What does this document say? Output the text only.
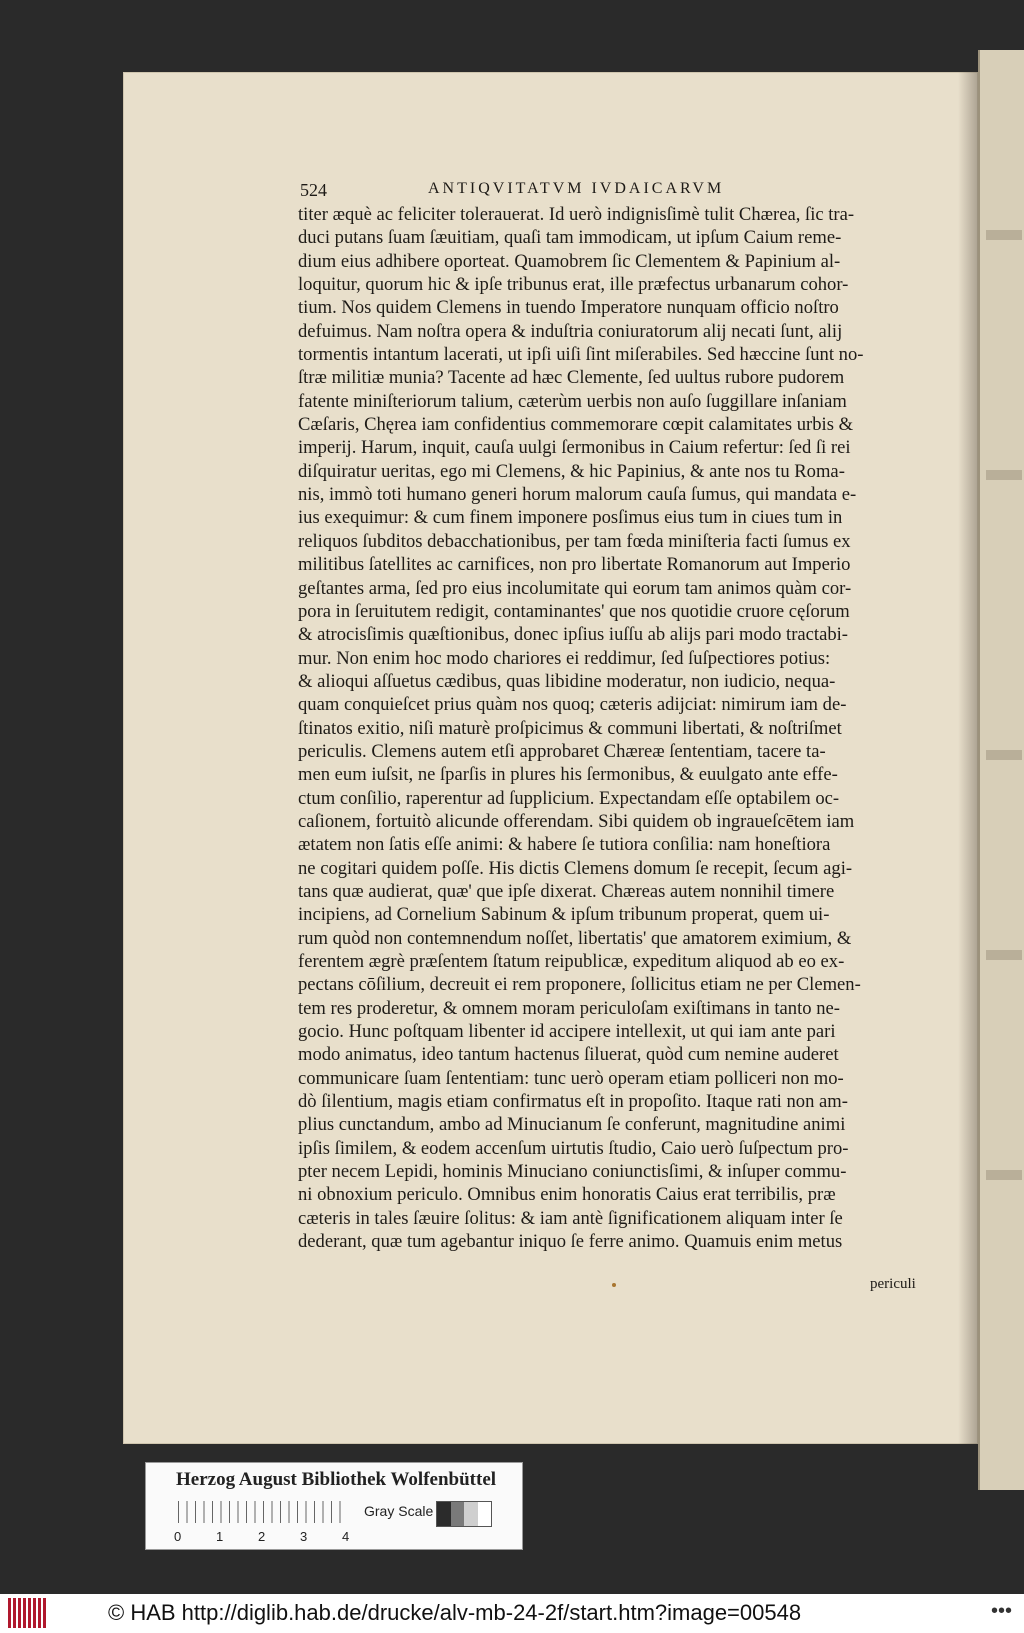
524	ANTIQVITATVM IVDAICARVM
titer æquè ac feliciter tolerauerat. Id uerò indignisſimè tulit Chærea, ſic tra-
duci putans ſuam ſæuitiam, quaſi tam immodicam, ut ipſum Caium reme-
dium eius adhibere oporteat. Quamobrem ſic Clementem & Papinium al-
loquitur, quorum hic & ipſe tribunus erat, ille præfectus urbanarum cohor-
tium. Nos quidem Clemens in tuendo Imperatore nunquam officio noſtro
defuimus. Nam noſtra opera & induſtria coniuratorum alij necati ſunt, alij
tormentis intantum lacerati, ut ipſi uiſi ſint miſerabiles. Sed hæccine ſunt no-
ſtræ militiæ munia? Tacente ad hæc Clemente, ſed uultus rubore pudorem
fatente miniſteriorum talium, cæterùm uerbis non auſo ſuggillare inſaniam
Cæſaris, Chęrea iam confidentius commemorare cœpit calamitates urbis &
imperij. Harum, inquit, cauſa uulgi ſermonibus in Caium refertur: ſed ſi rei
diſquiratur ueritas, ego mi Clemens, & hic Papinius, & ante nos tu Roma-
nis, immò toti humano generi horum malorum cauſa ſumus, qui mandata e-
ius exequimur: & cum finem imponere posſimus eius tum in ciues tum in
reliquos ſubditos debacchationibus, per tam fœda miniſteria facti ſumus ex
militibus ſatellites ac carnifices, non pro libertate Romanorum aut Imperio
geſtantes arma, ſed pro eius incolumitate qui eorum tam animos quàm cor-
pora in ſeruitutem redigit, contaminantes' que nos quotidie cruore cęſorum
& atrocisſimis quæſtionibus, donec ipſius iuſſu ab alijs pari modo tractabi-
mur. Non enim hoc modo chariores ei reddimur, ſed ſuſpectiores potius:
& alioqui aſſuetus cædibus, quas libidine moderatur, non iudicio, nequa-
quam conquieſcet prius quàm nos quoq; cæteris adijciat: nimirum iam de-
ſtinatos exitio, niſi maturè proſpicimus & communi libertati, & noſtriſmet
periculis. Clemens autem etſi approbaret Chæreæ ſententiam, tacere ta-
men eum iuſsit, ne ſparſis in plures his ſermonibus, & euulgato ante effe-
ctum conſilio, raperentur ad ſupplicium. Expectandam eſſe optabilem oc-
caſionem, fortuitò alicunde offerendam. Sibi quidem ob ingraueſcētem iam
ætatem non ſatis eſſe animi: & habere ſe tutiora conſilia: nam honeſtiora
ne cogitari quidem poſſe. His dictis Clemens domum ſe recepit, ſecum agi-
tans quæ audierat, quæ' que ipſe dixerat. Chæreas autem nonnihil timere
incipiens, ad Cornelium Sabinum & ipſum tribunum properat, quem ui-
rum quòd non contemnendum noſſet, libertatis' que amatorem eximium, &
ferentem ægrè præſentem ſtatum reipublicæ, expeditum aliquod ab eo ex-
pectans cōſilium, decreuit ei rem proponere, ſollicitus etiam ne per Clemen-
tem res proderetur, & omnem moram periculoſam exiſtimans in tanto ne-
gocio. Hunc poſtquam libenter id accipere intellexit, ut qui iam ante pari
modo animatus, ideo tantum hactenus ſiluerat, quòd cum nemine auderet
communicare ſuam ſententiam: tunc uerò operam etiam polliceri non mo-
dò ſilentium, magis etiam confirmatus eſt in propoſito. Itaque rati non am-
plius cunctandum, ambo ad Minucianum ſe conferunt, magnitudine animi
ipſis ſimilem, & eodem accenſum uirtutis ſtudio, Caio uerò ſuſpectum pro-
pter necem Lepidi, hominis Minuciano coniunctisſimi, & inſuper commu-
ni obnoxium periculo. Omnibus enim honoratis Caius erat terribilis, præ
cæteris in tales ſæuire ſolitus: & iam antè ſignificationem aliquam inter ſe
dederant, quæ tum agebantur iniquo ſe ferre animo. Quamuis enim metus
periculi
Herzog August Bibliothek Wolfenbüttel
0	1	2	3	4
Gray Scale
© HAB http://diglib.hab.de/drucke/alv-mb-24-2f/start.htm?image=00548	•••
